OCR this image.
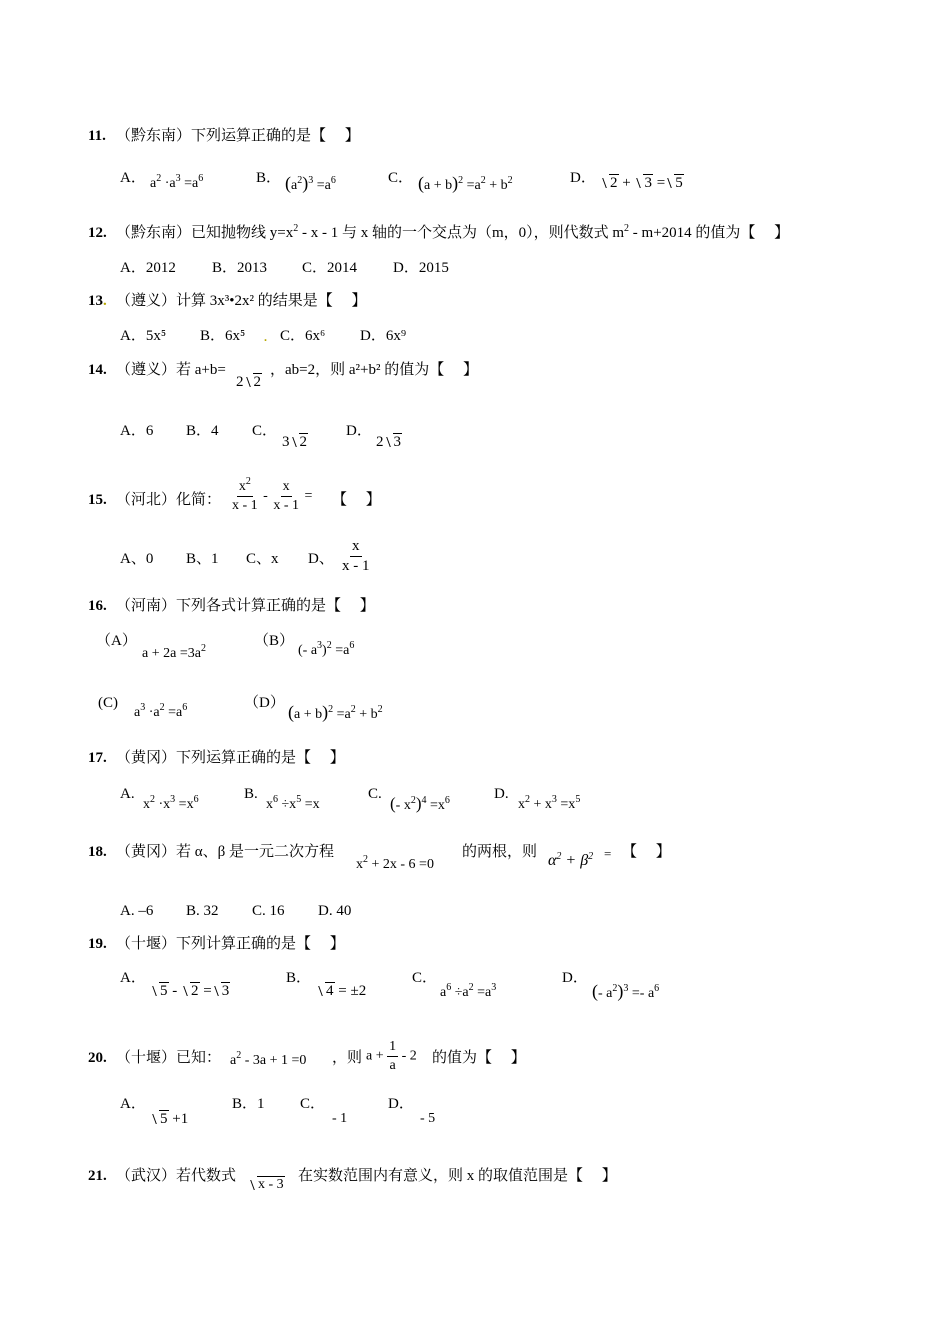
11. （黔东南）下列运算正确的是【　 】
A． $a^2 \cdot a^3 =a^6$	B． $(a^2)^3 =a^6$	C． $(a + b)^2 =a^2 + b^2$	D． 2 + 3 = 5
12. （黔东南）已知抛物线 $y=x^2 - x - 1$ 与 x 轴的一个交点为（m，0），则代数式 $m^2 - m+2014$ 的值为【　 】
A．2012 B．2013 C．2014 D．2015
13. （遵义）计算 3x³•2x² 的结果是【　 】
A．5x⁵ B．6x⁵ . C．6x⁶ D．6x⁹
14. （遵义）若 a+b=
2 2
，ab=2，则 a²+b² 的值为【　 】
A．6 B．4 C．
3 2
D．
2 3
15. （河北）化简： $\frac{x^2}{x - 1} - \frac{x}{x - 1}$ = 【　 】
A、0 B、1 C、x D、 $\frac{x}{x - 1}$
16. （河南）下列各式计算正确的是【　 】
（A）
$a + 2a =3a^2$	（B）
(- $a^3)^2 =a^6$
(C)
$a^3 \cdot a^2 =a^6$	（D） $(a + b)^2 =a^2 + b^2$
17. （黄冈）下列运算正确的是【　 】
A.
$x^2 \cdot x^3 =x^6$	B.
$x^6 \div x^5 =x$
C. (- $x^2)^4 =x^6$	D.
$x^2 + x^3 =x^5$
18. （黄冈）若 α、β 是一元二次方程
$x^2 + 2x - 6 =0$
的两根，则 $\alpha^2 + \beta^2$ = 【　 】
A. –6 B. 32 C. 16 D. 40
19. （十堰）下列计算正确的是【　 】
A．
5 - 2 = 3
B．
4 = ±2
C．
$a^6 \div a^2 =a^3$
D．
(- $a^2)^3 =- a^6$
20. （十堰）已知： $a^2 - 3a + 1 =0$ ，则 $a + \frac{1}{a} - 2$ 的值为【　 】
A．
5 +1
B．1 C．
- 1
D．
- 5
21. （武汉）若代数式
x - 3
在实数范围内有意义，则 x 的取值范围是【　 】
